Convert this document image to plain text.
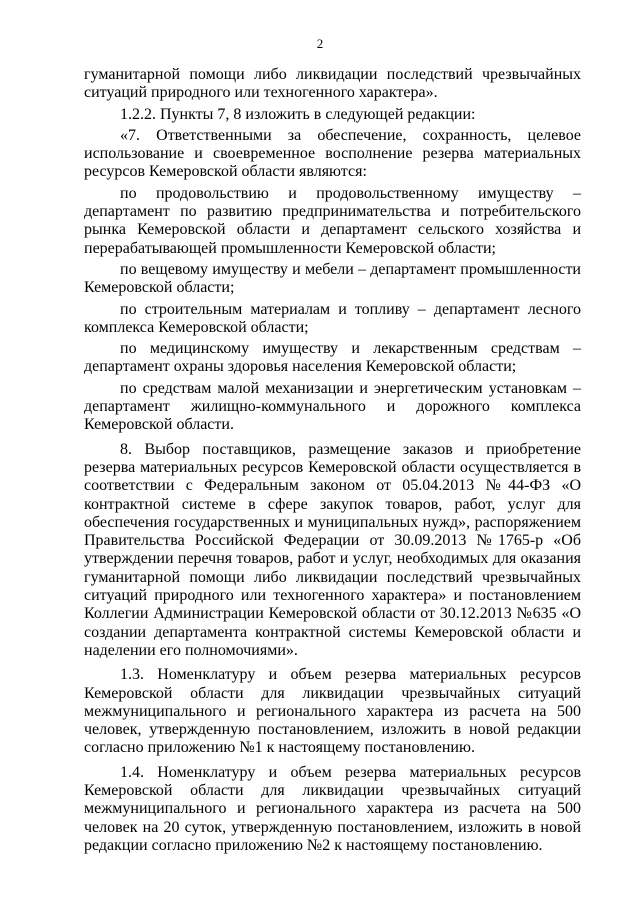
2

гуманитарной помощи либо ликвидации последствий чрезвычайных ситуаций природного или техногенного характера».

1.2.2. Пункты 7, 8 изложить в следующей редакции:

«7. Ответственными за обеспечение, сохранность, целевое использование и своевременное восполнение резерва материальных ресурсов Кемеровской области являются:

по продовольствию и продовольственному имуществу – департамент по развитию предпринимательства и потребительского рынка Кемеровской области и департамент сельского хозяйства и перерабатывающей промышленности Кемеровской области;

по вещевому имуществу и мебели – департамент промышленности Кемеровской области;

по строительным материалам и топливу – департамент лесного комплекса Кемеровской области;

по медицинскому имуществу и лекарственным средствам – департамент охраны здоровья населения Кемеровской области;

по средствам малой механизации и энергетическим установкам – департамент жилищно-коммунального и дорожного комплекса Кемеровской области.

8. Выбор поставщиков, размещение заказов и приобретение резерва материальных ресурсов Кемеровской области осуществляется в соответствии с Федеральным законом от 05.04.2013 №44-ФЗ «О контрактной системе в сфере закупок товаров, работ, услуг для обеспечения государственных и муниципальных нужд», распоряжением Правительства Российской Федерации от 30.09.2013 №1765-р «Об утверждении перечня товаров, работ и услуг, необходимых для оказания гуманитарной помощи либо ликвидации последствий чрезвычайных ситуаций природного или техногенного характера» и постановлением Коллегии Администрации Кемеровской области от 30.12.2013 №635 «О создании департамента контрактной системы Кемеровской области и наделении его полномочиями».

1.3. Номенклатуру и объем резерва материальных ресурсов Кемеровской области для ликвидации чрезвычайных ситуаций межмуниципального и регионального характера из расчета на 500 человек, утвержденную постановлением, изложить в новой редакции согласно приложению №1 к настоящему постановлению.

1.4. Номенклатуру и объем резерва материальных ресурсов Кемеровской области для ликвидации чрезвычайных ситуаций межмуниципального и регионального характера из расчета на 500 человек на 20 суток, утвержденную постановлением, изложить в новой редакции согласно приложению №2 к настоящему постановлению.
